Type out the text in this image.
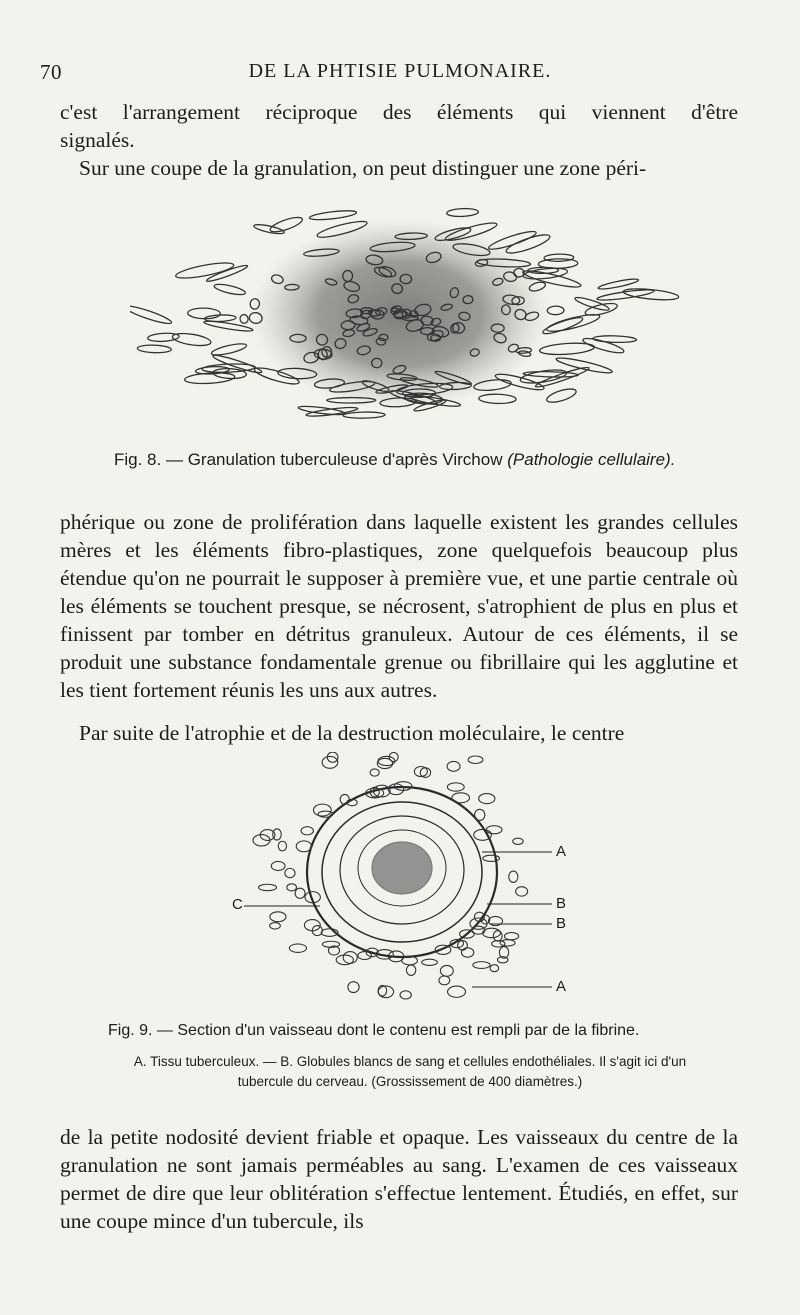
70	DE LA PHTISIE PULMONAIRE.
c'est l'arrangement réciproque des éléments qui viennent d'être
signalés.
Sur une coupe de la granulation, on peut distinguer une zone péri-
Fig. 8. — Granulation tuberculeuse d'après Virchow (Pathologie cellulaire).
phérique ou zone de prolifération dans laquelle existent les grandes cellules mères et les éléments fibro-plastiques, zone quelquefois beaucoup plus étendue qu'on ne pourrait le supposer à première vue, et une partie centrale où les éléments se touchent presque, se nécrosent, s'atrophient de plus en plus et finissent par tomber en détritus granuleux. Autour de ces éléments, il se produit une substance fondamentale grenue ou fibrillaire qui les agglutine et les tient fortement réunis les uns aux autres.
Par suite de l'atrophie et de la destruction moléculaire, le centre
C
A
B
B
A
Fig. 9. — Section d'un vaisseau dont le contenu est rempli par de la fibrine.
A. Tissu tuberculeux. — B. Globules blancs de sang et cellules endothéliales. Il s'agit ici d'un
tubercule du cerveau. (Grossissement de 400 diamètres.)
de la petite nodosité devient friable et opaque. Les vaisseaux du centre de la granulation ne sont jamais perméables au sang. L'examen de ces vaisseaux permet de dire que leur oblitération s'effectue lentement. Étudiés, en effet, sur une coupe mince d'un tubercule, ils
